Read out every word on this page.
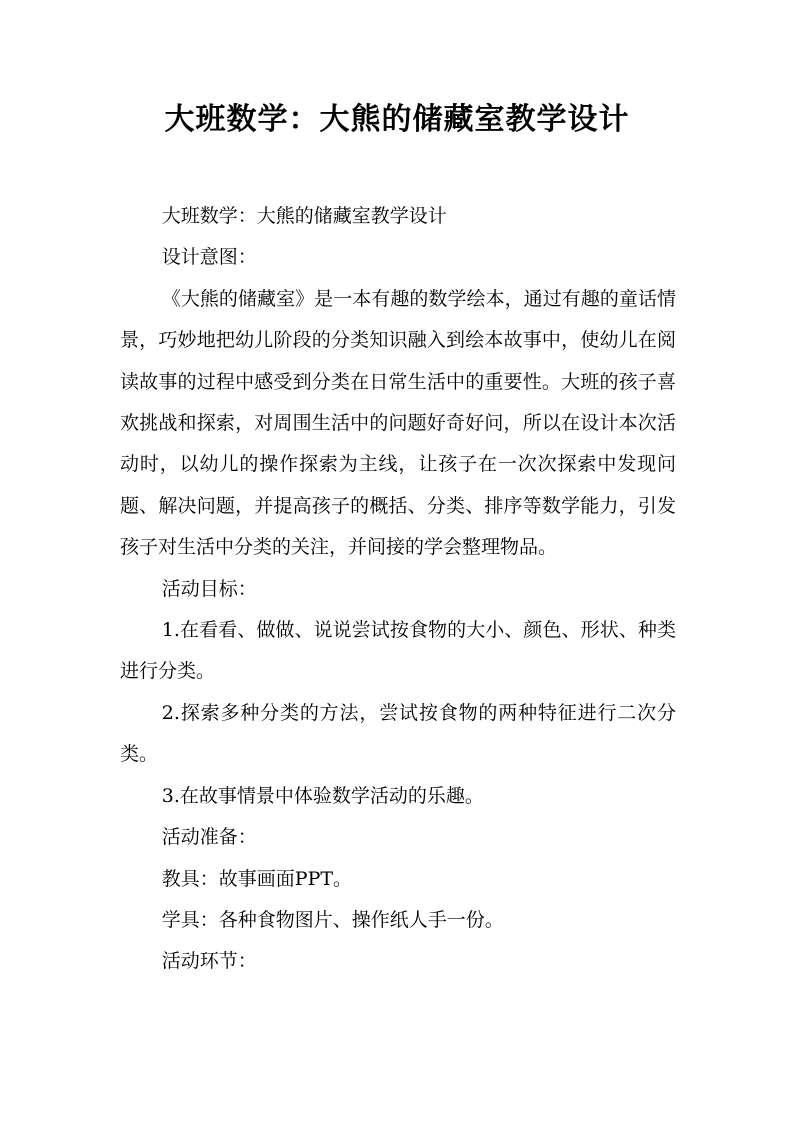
大班数学：大熊的储藏室教学设计

大班数学：大熊的储藏室教学设计

设计意图：

《大熊的储藏室》是一本有趣的数学绘本，通过有趣的童话情景，巧妙地把幼儿阶段的分类知识融入到绘本故事中，使幼儿在阅读故事的过程中感受到分类在日常生活中的重要性。大班的孩子喜欢挑战和探索，对周围生活中的问题好奇好问，所以在设计本次活动时，以幼儿的操作探索为主线，让孩子在一次次探索中发现问题、解决问题，并提高孩子的概括、分类、排序等数学能力，引发孩子对生活中分类的关注，并间接的学会整理物品。

活动目标：

1.在看看、做做、说说尝试按食物的大小、颜色、形状、种类进行分类。

2.探索多种分类的方法，尝试按食物的两种特征进行二次分类。

3.在故事情景中体验数学活动的乐趣。

活动准备：

教具：故事画面PPT。

学具：各种食物图片、操作纸人手一份。

活动环节：
